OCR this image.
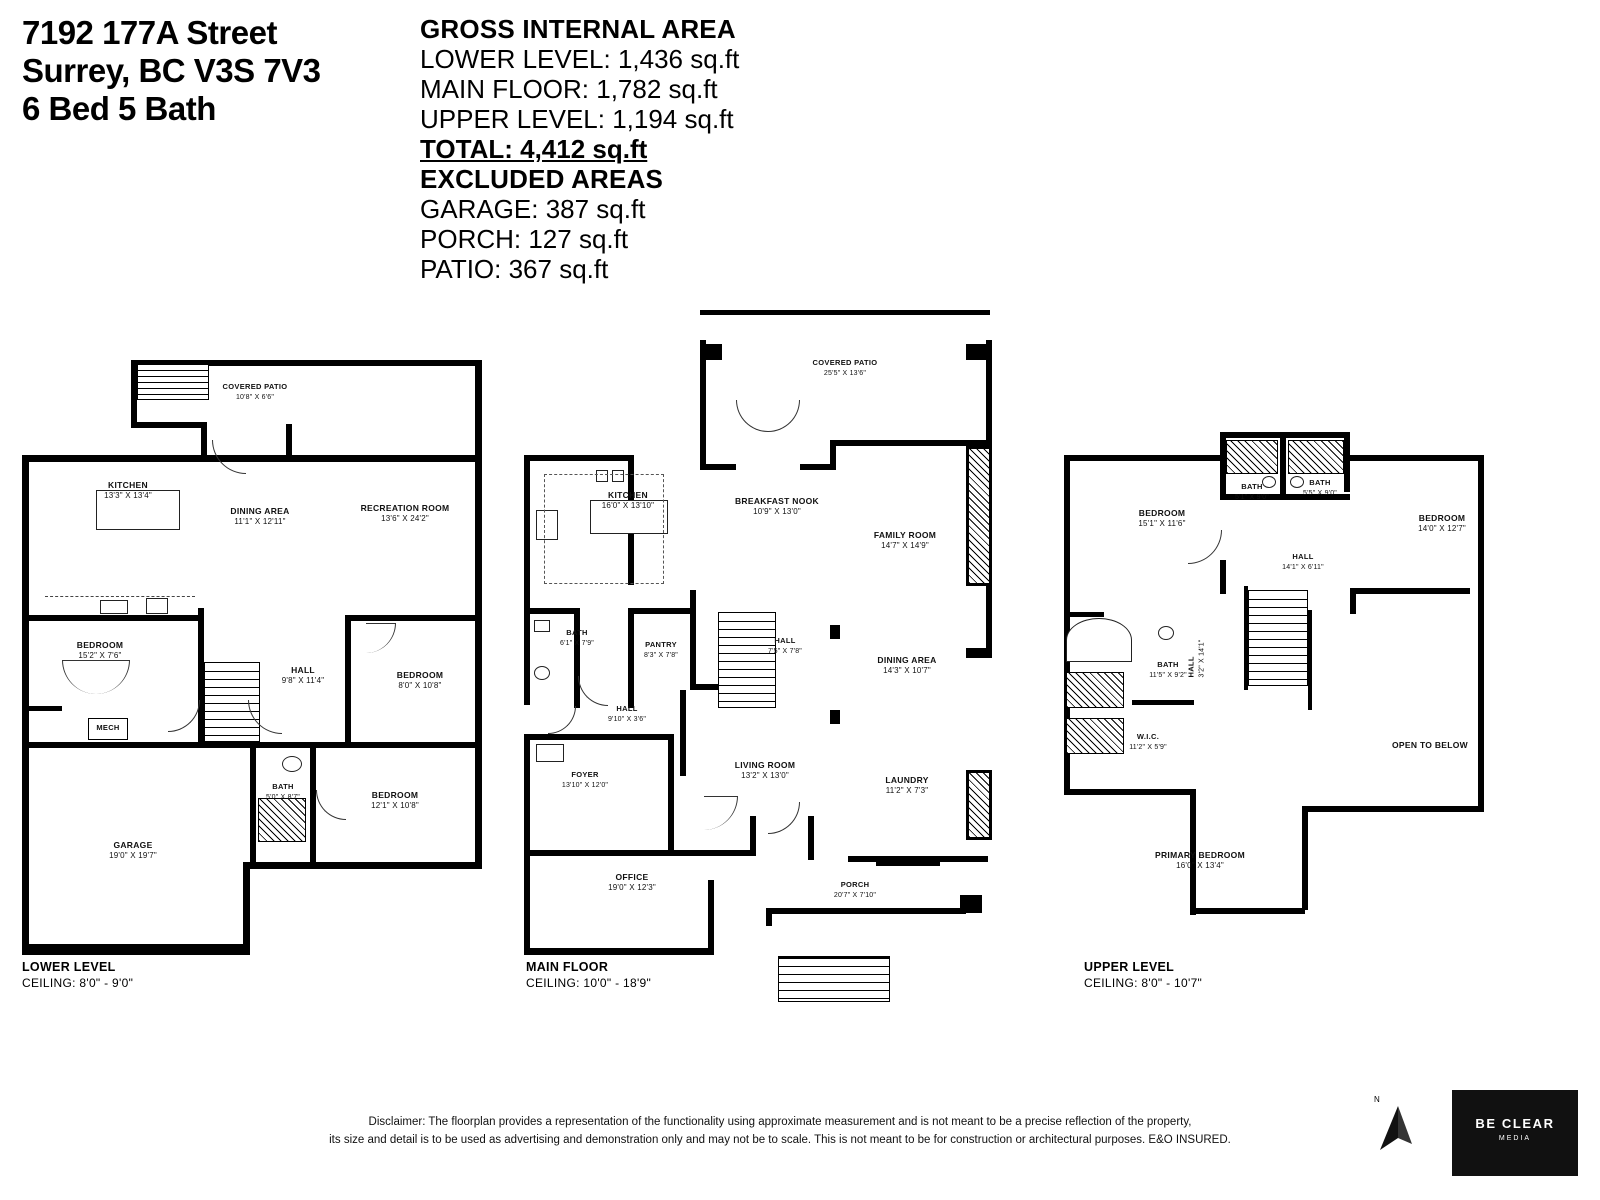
7192 177A Street
Surrey, BC V3S 7V3
6 Bed 5 Bath
GROSS INTERNAL AREA
LOWER LEVEL: 1,436 sq.ft
MAIN FLOOR: 1,782 sq.ft
UPPER LEVEL: 1,194 sq.ft
TOTAL: 4,412 sq.ft
EXCLUDED AREAS
GARAGE: 387 sq.ft
PORCH: 127 sq.ft
PATIO: 367 sq.ft
COVERED PATIO
10'8" X 6'6"
KITCHEN
13'3" X 13'4"
DINING AREA
11'1" X 12'11"
RECREATION ROOM
13'6" X 24'2"
BEDROOM
15'2" X 7'6"
HALL
9'8" X 11'4"	BEDROOM
8'0" X 10'8"
MECH
BATH
5'0" X 8'7"	BEDROOM
12'1" X 10'8"
GARAGE
19'0" X 19'7"
LOWER LEVEL
CEILING: 8'0" - 9'0"
COVERED PATIO
25'5" X 13'6"
KITCHEN
16'0" X 13'10"	BREAKFAST NOOK
10'9" X 13'0"
FAMILY ROOM
14'7" X 14'9"
BATH
6'1" X 7'9"	PANTRY
8'3" X 7'8"
HALL
7'5" X 7'8"
HALL
9'10" X 3'6"
DINING AREA
14'3" X 10'7"
LAUNDRY
11'2" X 7'3"
FOYER
13'10" X 12'0"
LIVING ROOM
13'2" X 13'0"
OFFICE
19'0" X 12'3"	PORCH
20'7" X 7'10"
MAIN FLOOR
CEILING: 10'0" - 18'9"
BATH
5'1" X 9'0"
BATH
5'5" X 9'0"
BEDROOM
15'1" X 11'6"	BEDROOM
14'0" X 12'7"
HALL
14'1" X 6'11"
BATH
11'5" X 9'2"
W.I.C.
11'2" X 5'9"
HALL 3'2" X 14'1"
OPEN TO BELOW
PRIMARY BEDROOM
16'0" X 13'4"
UPPER LEVEL
CEILING: 8'0" - 10'7"
Disclaimer: The floorplan provides a representation of the functionality using approximate measurement and is not meant to be a precise reflection of the property,
its size and detail is to be used as advertising and demonstration only and may not be to scale. This is not meant to be for construction or architectural purposes. E&O INSURED.
N
BE CLEAR
MEDIA
